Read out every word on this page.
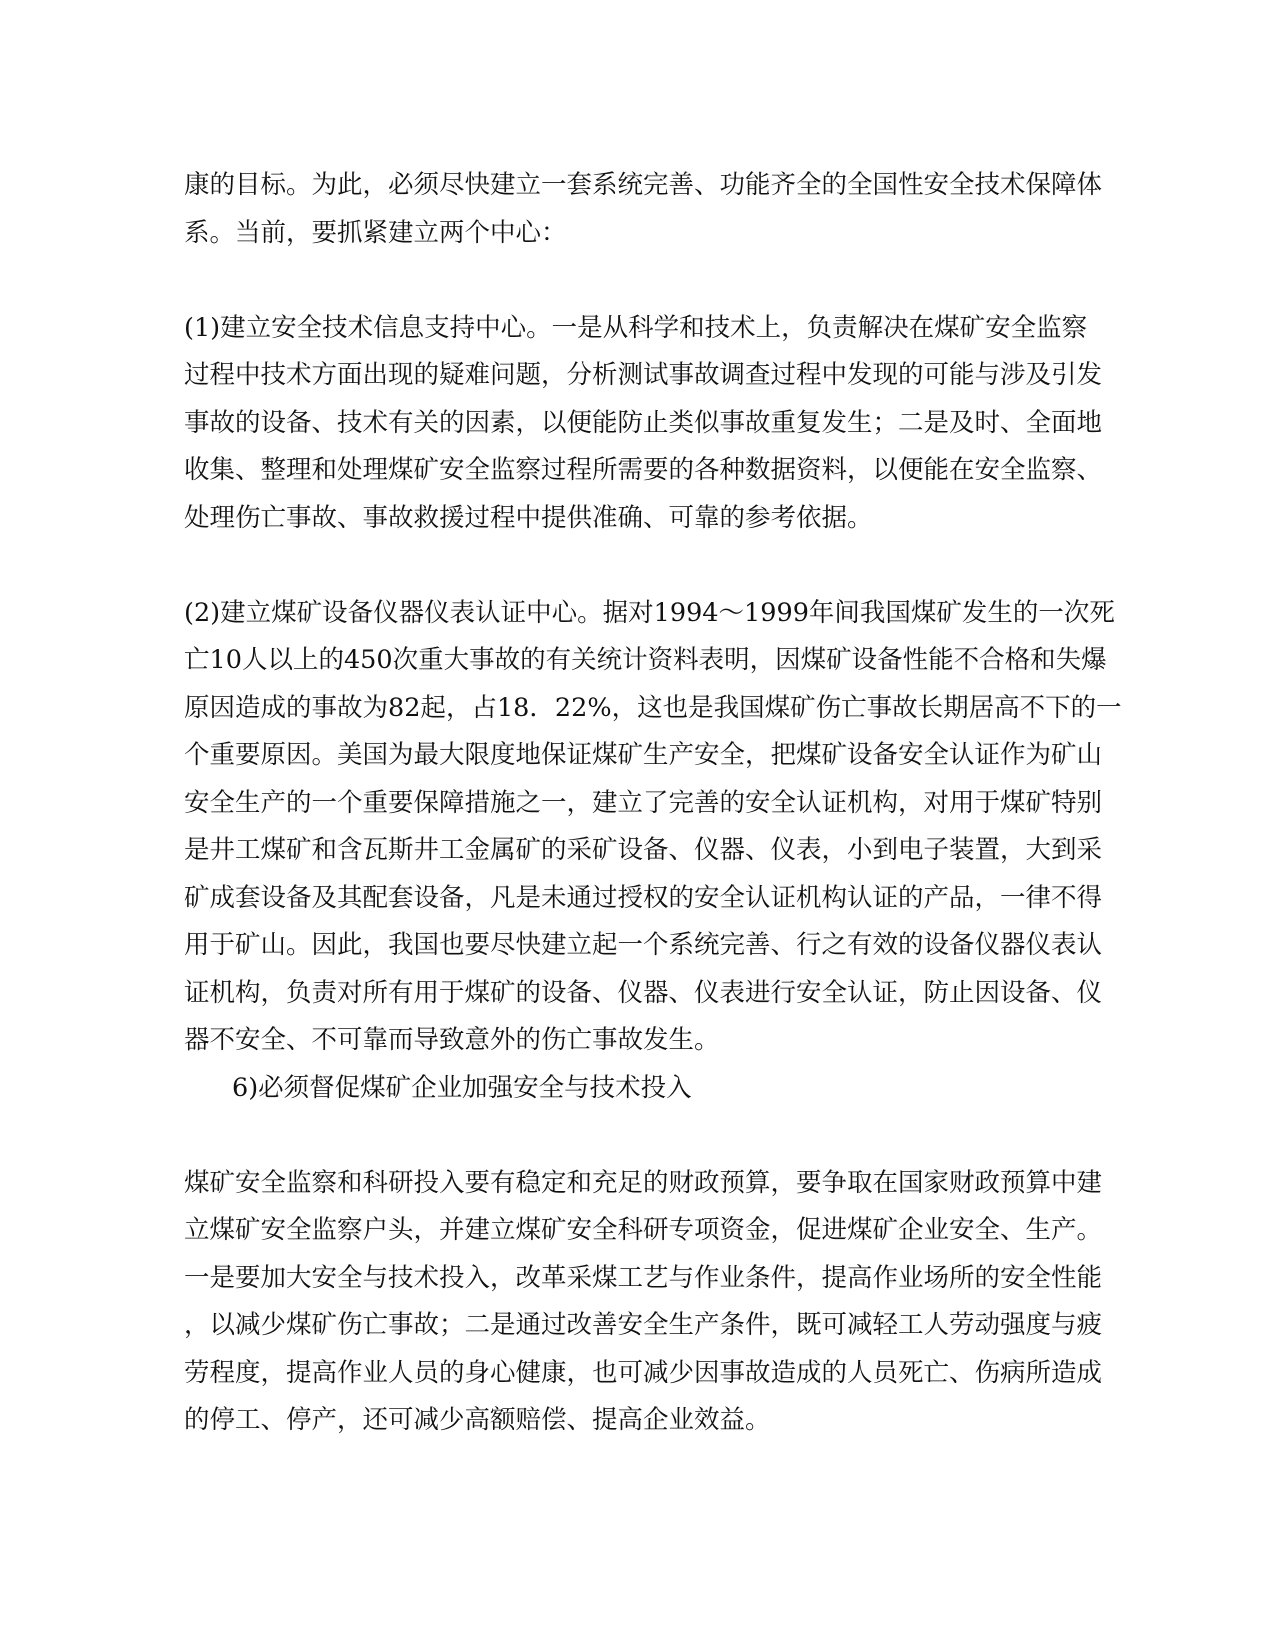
康的目标。为此，必须尽快建立一套系统完善、功能齐全的全国性安全技术保障体
系。当前，要抓紧建立两个中心：
(1)建立安全技术信息支持中心。一是从科学和技术上，负责解决在煤矿安全监察
过程中技术方面出现的疑难问题，分析测试事故调查过程中发现的可能与涉及引发
事故的设备、技术有关的因素，以便能防止类似事故重复发生；二是及时、全面地
收集、整理和处理煤矿安全监察过程所需要的各种数据资料，以便能在安全监察、
处理伤亡事故、事故救援过程中提供准确、可靠的参考依据。
(2)建立煤矿设备仪器仪表认证中心。据对1994～1999年间我国煤矿发生的一次死
亡10人以上的450次重大事故的有关统计资料表明，因煤矿设备性能不合格和失爆
原因造成的事故为82起，占18．22%，这也是我国煤矿伤亡事故长期居高不下的一
个重要原因。美国为最大限度地保证煤矿生产安全，把煤矿设备安全认证作为矿山
安全生产的一个重要保障措施之一，建立了完善的安全认证机构，对用于煤矿特别
是井工煤矿和含瓦斯井工金属矿的采矿设备、仪器、仪表，小到电子装置，大到采
矿成套设备及其配套设备，凡是未通过授权的安全认证机构认证的产品，一律不得
用于矿山。因此，我国也要尽快建立起一个系统完善、行之有效的设备仪器仪表认
证机构，负责对所有用于煤矿的设备、仪器、仪表进行安全认证，防止因设备、仪
器不安全、不可靠而导致意外的伤亡事故发生。
6)必须督促煤矿企业加强安全与技术投入
煤矿安全监察和科研投入要有稳定和充足的财政预算，要争取在国家财政预算中建
立煤矿安全监察户头，并建立煤矿安全科研专项资金，促进煤矿企业安全、生产。
一是要加大安全与技术投入，改革采煤工艺与作业条件，提高作业场所的安全性能
，以减少煤矿伤亡事故；二是通过改善安全生产条件，既可减轻工人劳动强度与疲
劳程度，提高作业人员的身心健康，也可减少因事故造成的人员死亡、伤病所造成
的停工、停产，还可减少高额赔偿、提高企业效益。
